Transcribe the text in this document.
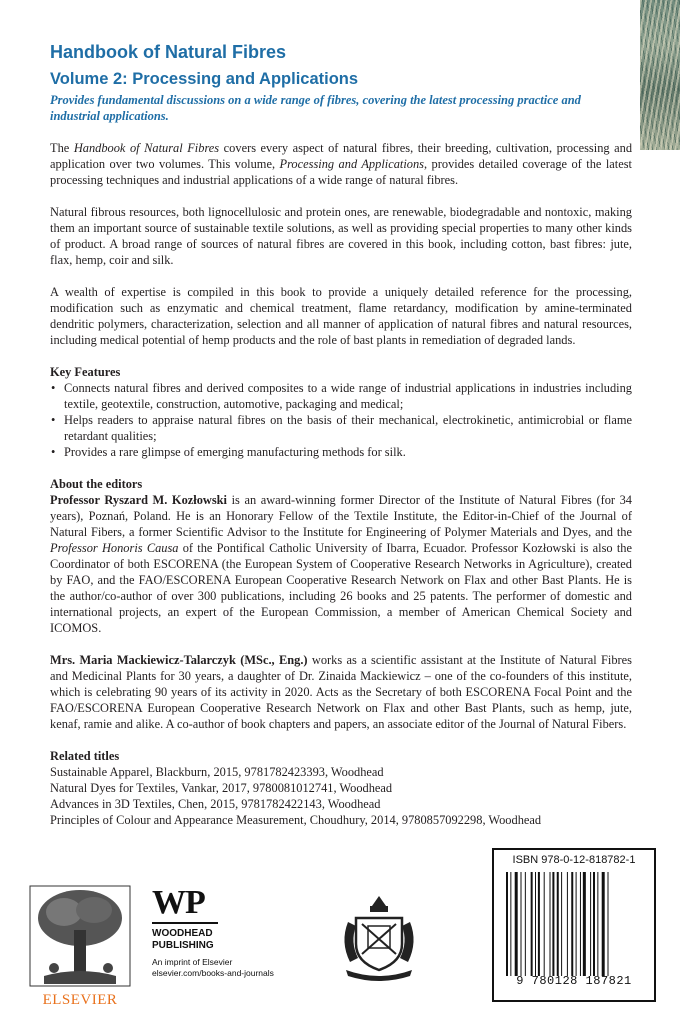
Handbook of Natural Fibres
Volume 2: Processing and Applications

Provides fundamental discussions on a wide range of fibres, covering the latest processing practice and industrial applications.

The Handbook of Natural Fibres covers every aspect of natural fibres, their breeding, cultivation, processing and application over two volumes. This volume, Processing and Applications, provides detailed coverage of the latest processing techniques and industrial applications of a wide range of natural fibres.

Natural fibrous resources, both lignocellulosic and protein ones, are renewable, biodegradable and nontoxic, making them an important source of sustainable textile solutions, as well as providing special properties to many other kinds of product. A broad range of sources of natural fibres are covered in this book, including cotton, bast fibres: jute, flax, hemp, coir and silk.

A wealth of expertise is compiled in this book to provide a uniquely detailed reference for the processing, modification such as enzymatic and chemical treatment, flame retardancy, modification by amine-terminated dendritic polymers, characterization, selection and all manner of application of natural fibres and natural resources, including medical potential of hemp products and the role of bast plants in remediation of degraded lands.

Key Features

• Connects natural fibres and derived composites to a wide range of industrial applications in industries including textile, geotextile, construction, automotive, packaging and medical;
• Helps readers to appraise natural fibres on the basis of their mechanical, electrokinetic, antimicrobial or flame retardant qualities;
• Provides a rare glimpse of emerging manufacturing methods for silk.

About the editors

Professor Ryszard M. Kozłowski is an award-winning former Director of the Institute of Natural Fibres (for 34 years), Poznań, Poland. He is an Honorary Fellow of the Textile Institute, the Editor-in-Chief of the Journal of Natural Fibers, a former Scientific Advisor to the Institute for Engineering of Polymer Materials and Dyes, and the Professor Honoris Causa of the Pontifical Catholic University of Ibarra, Ecuador. Professor Kozłowski is also the Coordinator of both ESCORENA (the European System of Cooperative Research Networks in Agriculture), created by FAO, and the FAO/ESCORENA European Cooperative Research Network on Flax and other Bast Plants. He is the author/co-author of over 300 publications, including 26 books and 25 patents. The performer of domestic and international projects, an expert of the European Commission, a member of American Chemical Society and ICOMOS.

Mrs. Maria Mackiewicz-Talarczyk (MSc., Eng.) works as a scientific assistant at the Institute of Natural Fibres and Medicinal Plants for 30 years, a daughter of Dr. Zinaida Mackiewicz – one of the co-founders of this institute, which is celebrating 90 years of its activity in 2020. Acts as the Secretary of both ESCORENA Focal Point and the FAO/ESCORENA European Cooperative Research Network on Flax and other Bast Plants, such as hemp, jute, kenaf, ramie and alike. A co-author of book chapters and papers, an associate editor of the Journal of Natural Fibers.

Related titles

Sustainable Apparel, Blackburn, 2015, 9781782423393, Woodhead

Natural Dyes for Textiles, Vankar, 2017, 9780081012741, Woodhead

Advances in 3D Textiles, Chen, 2015, 9781782422143, Woodhead

Principles of Colour and Appearance Measurement, Choudhury, 2014, 9780857092298, Woodhead

ELSEVIER
WP
WOODHEAD
PUBLISHING
An imprint of Elsevier
elsevier.com/books-and-journals
ISBN 978-0-12-818782-1
9 780128 187821
